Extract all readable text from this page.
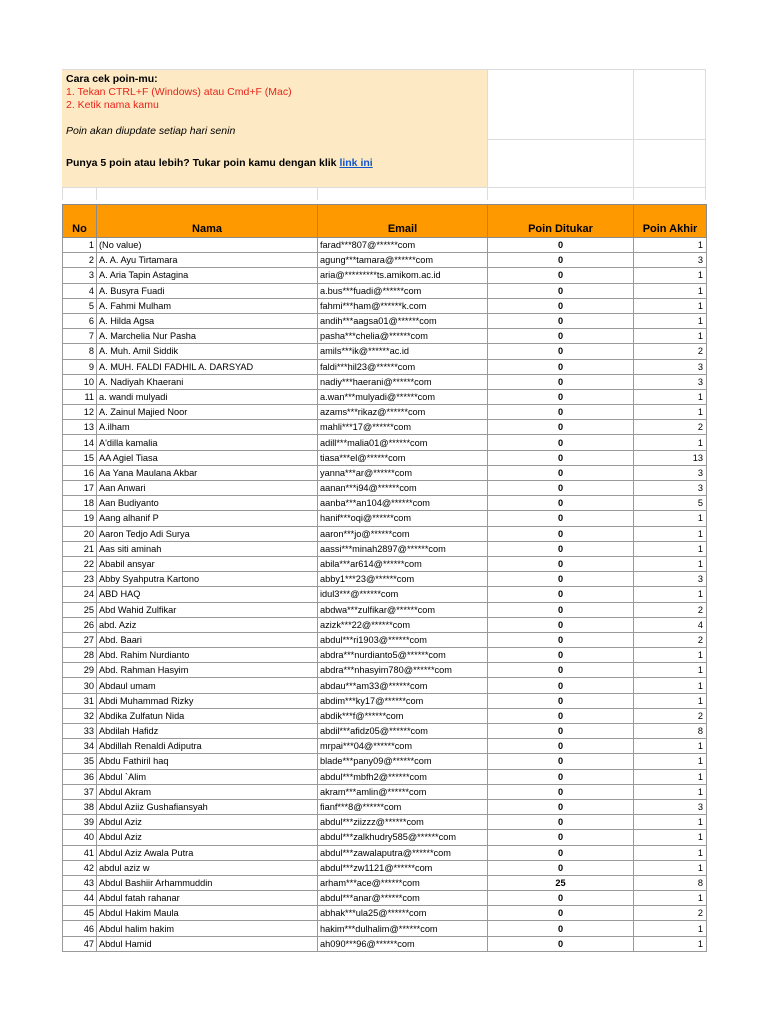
Cara cek poin-mu:
1. Tekan CTRL+F (Windows) atau Cmd+F (Mac)
2. Ketik nama kamu
Poin akan diupdate setiap hari senin
Punya 5 poin atau lebih? Tukar poin kamu dengan klik link ini
No	Nama	Email	Poin Ditukar	Poin Akhir
1	(No value)	farad***807@******com	0	1
2	A. A. Ayu Tirtamara	agung***tamara@******com	0	3
3	A. Aria Tapin Astagina	aria@*********ts.amikom.ac.id	0	1
4	A. Busyra Fuadi	a.bus***fuadi@******com	0	1
5	A. Fahmi Mulham	fahmi***ham@******k.com	0	1
6	A. Hilda Agsa	andih***aagsa01@******com	0	1
7	A. Marchelia Nur Pasha	pasha***chelia@******com	0	1
8	A. Muh. Amil Siddik	amils***ik@******ac.id	0	2
9	A. MUH. FALDI FADHIL A. DARSYAD	faldi***hil23@******com	0	3
10	A. Nadiyah Khaerani	nadiy***haerani@******com	0	3
11	a. wandi mulyadi	a.wan***mulyadi@******com	0	1
12	A. Zainul Majied Noor	azams***rikaz@******com	0	1
13	A.ilham	mahli***17@******com	0	2
14	A'dilla kamalia	adill***malia01@******com	0	1
15	AA Agiel Tiasa	tiasa***el@******com	0	13
16	Aa Yana Maulana Akbar	yanna***ar@******com	0	3
17	Aan Anwari	aanan***i94@******com	0	3
18	Aan Budiyanto	aanba***an104@******com	0	5
19	Aang alhanif P	hanif***oqi@******com	0	1
20	Aaron Tedjo Adi Surya	aaron***jo@******com	0	1
21	Aas siti aminah	aassi***minah2897@******com	0	1
22	Ababil ansyar	abila***ar614@******com	0	1
23	Abby Syahputra Kartono	abby1***23@******com	0	3
24	ABD HAQ	idul3***@******com	0	1
25	Abd Wahid Zulfikar	abdwa***zulfikar@******com	0	2
26	abd. Aziz	azizk***22@******com	0	4
27	Abd. Baari	abdul***ri1903@******com	0	2
28	Abd. Rahim Nurdianto	abdra***nurdianto5@******com	0	1
29	Abd. Rahman Hasyim	abdra***nhasyim780@******com	0	1
30	Abdaul umam	abdau***am33@******com	0	1
31	Abdi Muhammad Rizky	abdim***ky17@******com	0	1
32	Abdika Zulfatun Nida	abdik***f@******com	0	2
33	Abdilah Hafidz	abdil***afidz05@******com	0	8
34	Abdillah Renaldi Adiputra	mrpai***04@******com	0	1
35	Abdu Fathiril haq	blade***pany09@******com	0	1
36	Abdul `Alim	abdul***mbfh2@******com	0	1
37	Abdul Akram	akram***amlin@******com	0	1
38	Abdul Aziiz Gushafiansyah	fianf***8@******com	0	3
39	Abdul Aziz	abdul***ziizzz@******com	0	1
40	Abdul Aziz	abdul***zalkhudry585@******com	0	1
41	Abdul Aziz Awala Putra	abdul***zawalaputra@******com	0	1
42	abdul aziz w	abdul***zw1121@******com	0	1
43	Abdul Bashiir Arhammuddin	arham***ace@******com	25	8
44	Abdul fatah rahanar	abdul***anar@******com	0	1
45	Abdul Hakim Maula	abhak***ula25@******com	0	2
46	Abdul halim hakim	hakim***dulhalim@******com	0	1
47	Abdul Hamid	ah090***96@******com	0	1
